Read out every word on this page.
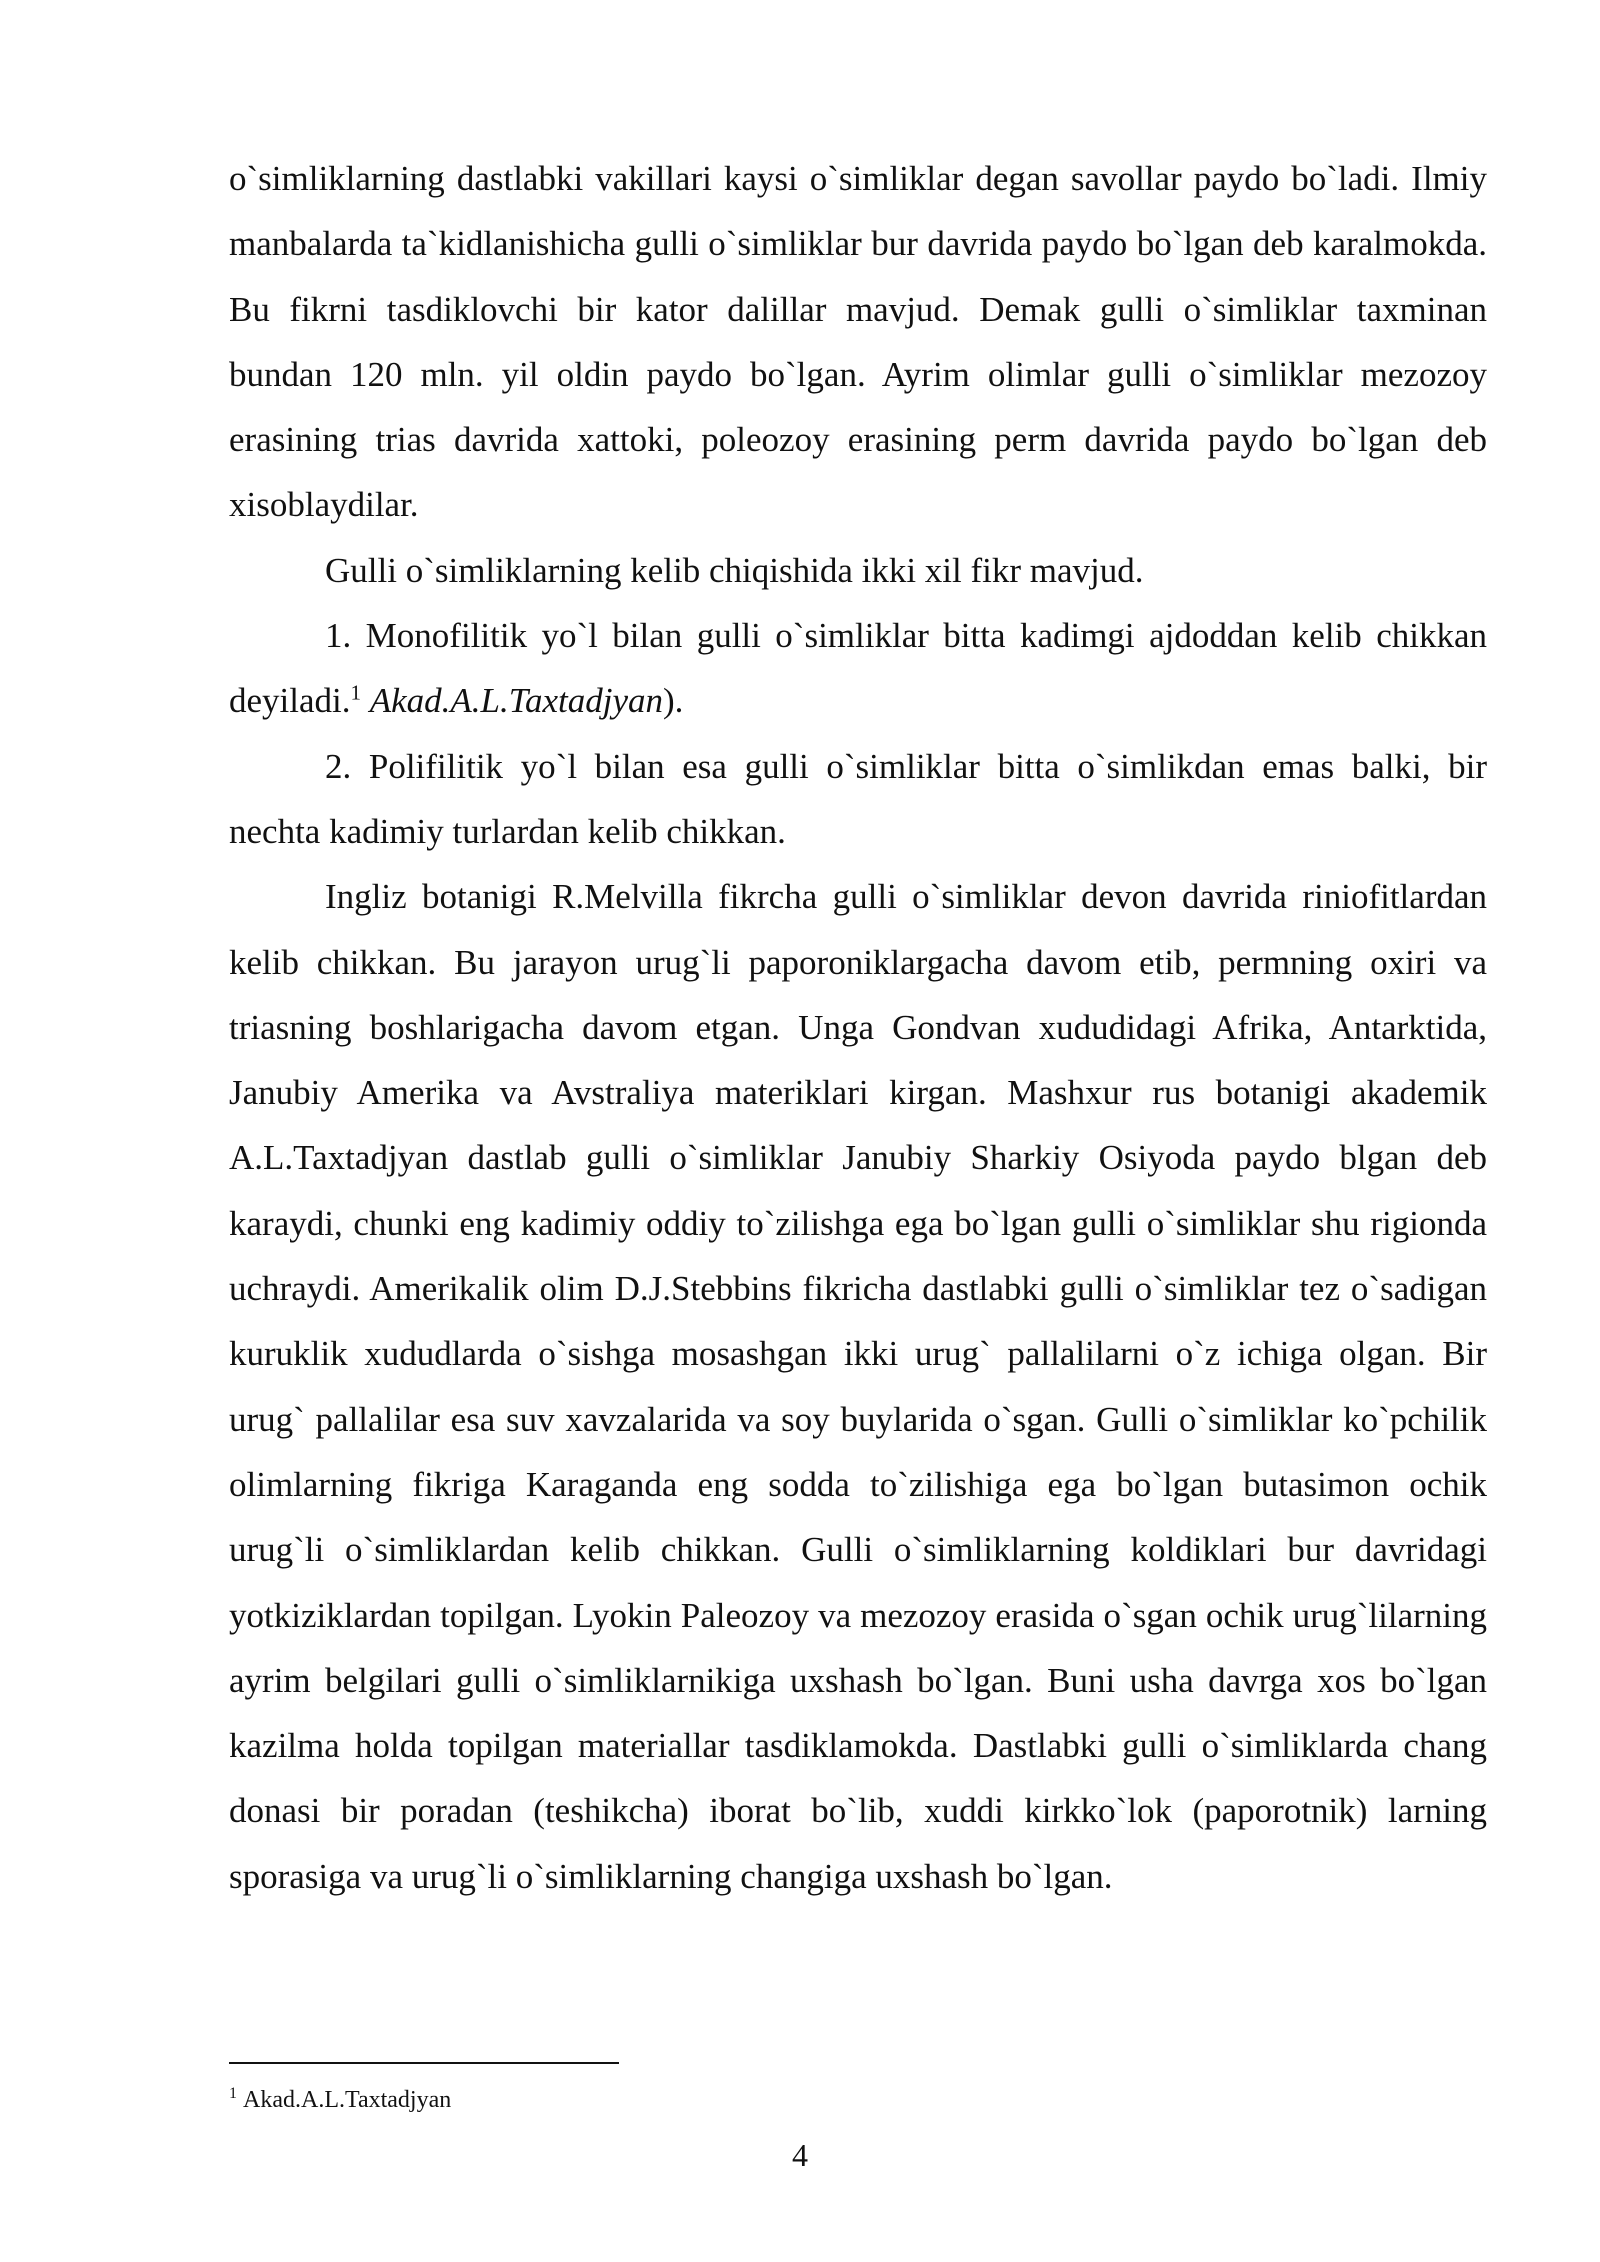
o`simliklarning dastlabki vakillari kaysi o`simliklar degan savollar paydo bo`ladi. Ilmiy manbalarda ta`kidlanishicha gulli o`simliklar bur davrida paydo bo`lgan deb karalmokda. Bu fikrni tasdiklovchi bir kator dalillar mavjud. Demak gulli o`simliklar taxminan bundan 120 mln. yil oldin paydo bo`lgan. Ayrim olimlar gulli o`simliklar mezozoy erasining trias davrida xattoki, poleozoy erasining perm davrida paydo bo`lgan deb xisoblaydilar.

Gulli o`simliklarning kelib chiqishida ikki xil fikr mavjud.

1. Monofilitik yo`l bilan gulli o`simliklar bitta kadimgi ajdoddan kelib chikkan deyiladi.$^1$ Akad.A.L.Taxtadjyan).

2. Polifilitik yo`l bilan esa gulli o`simliklar bitta o`simlikdan emas balki, bir nechta kadimiy turlardan kelib chikkan.

Ingliz botanigi R.Melvilla fikrcha gulli o`simliklar devon davrida riniofitlardan kelib chikkan. Bu jarayon urug`li paporoniklargacha davom etib, permning oxiri va triasning boshlarigacha davom etgan. Unga Gondvan xududidagi Afrika, Antarktida, Janubiy Amerika va Avstraliya materiklari kirgan. Mashxur rus botanigi akademik A.L.Taxtadjyan dastlab gulli o`simliklar Janubiy Sharkiy Osiyoda paydo blgan deb karaydi, chunki eng kadimiy oddiy to`zilishga ega bo`lgan gulli o`simliklar shu rigionda uchraydi. Amerikalik olim D.J.Stebbins fikricha dastlabki gulli o`simliklar tez o`sadigan kuruklik xududlarda o`sishga mosashgan ikki urug` pallalilarni o`z ichiga olgan. Bir urug` pallalilar esa suv xavzalarida va soy buylarida o`sgan. Gulli o`simliklar ko`pchilik olimlarning fikriga Karaganda eng sodda to`zilishiga ega bo`lgan butasimon ochik urug`li o`simliklardan kelib chikkan. Gulli o`simliklarning koldiklari bur davridagi yotkiziklardan topilgan. Lyokin Paleozoy va mezozoy erasida o`sgan ochik urug`lilarning ayrim belgilari gulli o`simliklarnikiga uxshash bo`lgan. Buni usha davrga xos bo`lgan kazilma holda topilgan materiallar tasdiklamokda. Dastlabki gulli o`simliklarda chang donasi bir poradan (teshikcha) iborat bo`lib, xuddi kirkko`lok (paporotnik) larning sporasiga va urug`li o`simliklarning changiga uxshash bo`lgan.

$^1$ Akad.A.L.Taxtadjyan
4
